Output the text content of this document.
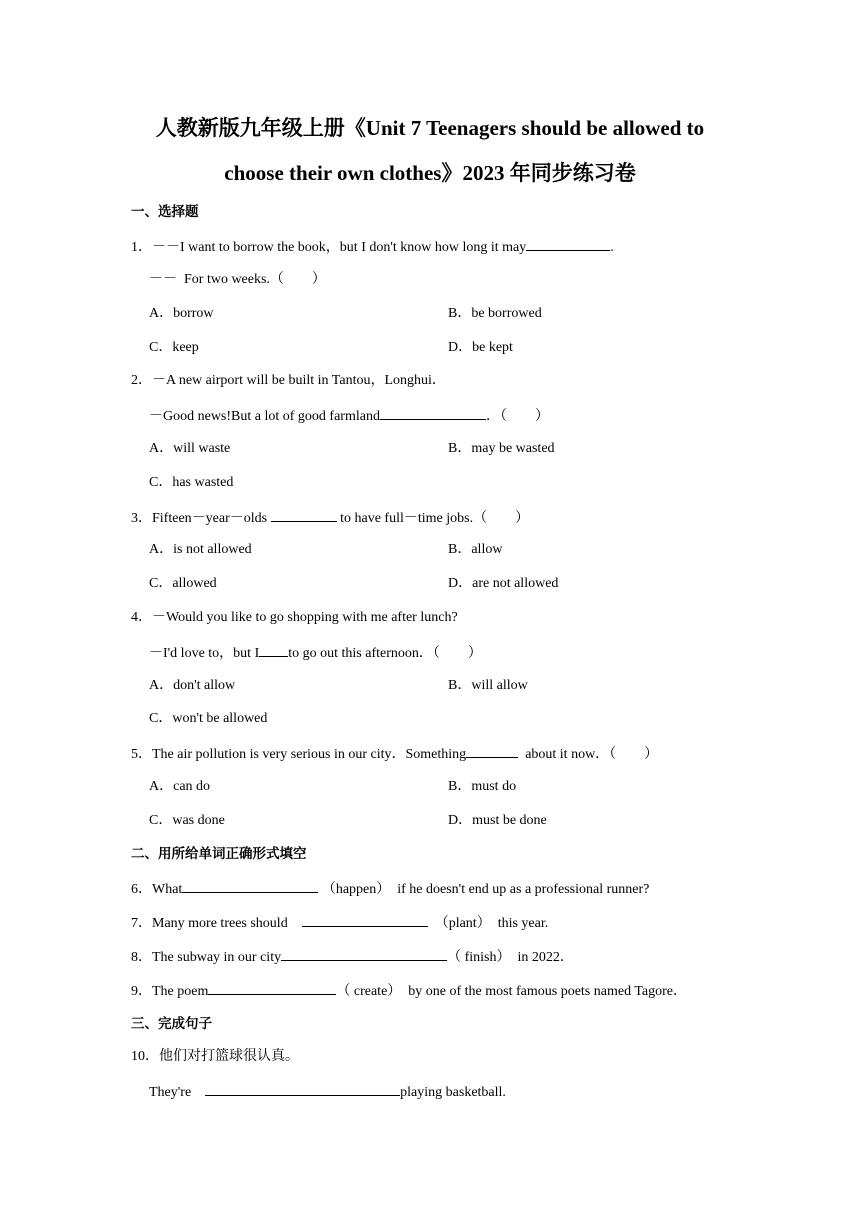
人教新版九年级上册《Unit 7 Teenagers should be allowed to
choose their own clothes》2023 年同步练习卷
一、选择题
1．－－I want to borrow the book，but I don't know how long it may	.
－－  For two weeks.（　　）
A．borrow	B．be borrowed
C．keep	D．be kept
2．－A new airport will be built in Tantou，Longhui．
－Good news!But a lot of good farmland	．（　　）
A．will waste	B．may be wasted
C．has wasted
3．Fifteen－year－olds	to have full－time jobs.（　　）
A．is not allowed	B．allow
C．allowed	D．are not allowed
4．－Would you like to go shopping with me after lunch?
－I'd love to，but I to go out this afternoon．（　　）
A．don't allow	B．will allow
C．won't be allowed
5．The air pollution is very serious in our city．Something	about it now．（　　）
A．can do	B．must do
C．was done	D．must be done
二、用所给单词正确形式填空
6．What	（happen）  if he doesn't end up as a professional runner?
7．Many more trees should	（plant）  this year.
8．The subway in our city	（ finish）  in 2022．
9．The poem	（ create）  by one of the most famous poets named Tagore．
三、完成句子
10．他们对打篮球很认真。
They're	playing basketball.
